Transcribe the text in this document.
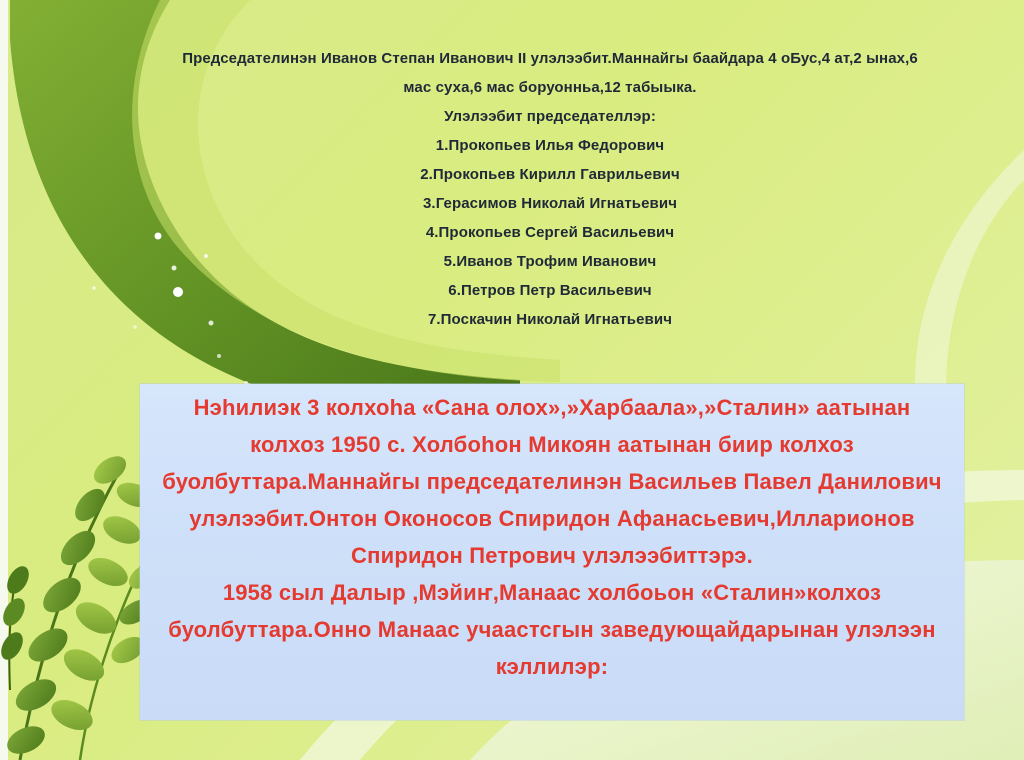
Председателинэн Иванов Степан Иванович II улэлээбит.Маннайгы баайдара 4 оБус,4 ат,2 ынах,6
мас суха,6 мас боруонньа,12 табыыка.
Улэлээбит председателлэр:
1.Прокопьев Илья Федорович
2.Прокопьев Кирилл Гаврильевич
3.Герасимов Николай Игнатьевич
4.Прокопьев Сергей Васильевич
5.Иванов Трофим Иванович
6.Петров Петр Васильевич
7.Поскачин Николай Игнатьевич
Нэhилиэк 3 колхоhа «Сана олох»,»Харбаала»,»Сталин» аатынан
колхоз 1950 с. Холбоhон Микоян аатынан биир колхоз
буолбуттара.Маннайгы председателинэн Васильев Павел Данилович
улэлээбит.Онтон Оконосов Спиридон Афанасьевич,Илларионов
Спиридон Петрович улэлээбиттэрэ.
1958 сыл Далыр ,Мэйиҥ,Манаас холбоьон «Сталин»колхоз
буолбуттара.Онно Манаас учаастсгын заведующайдарынан улэлээн
кэллилэр:
